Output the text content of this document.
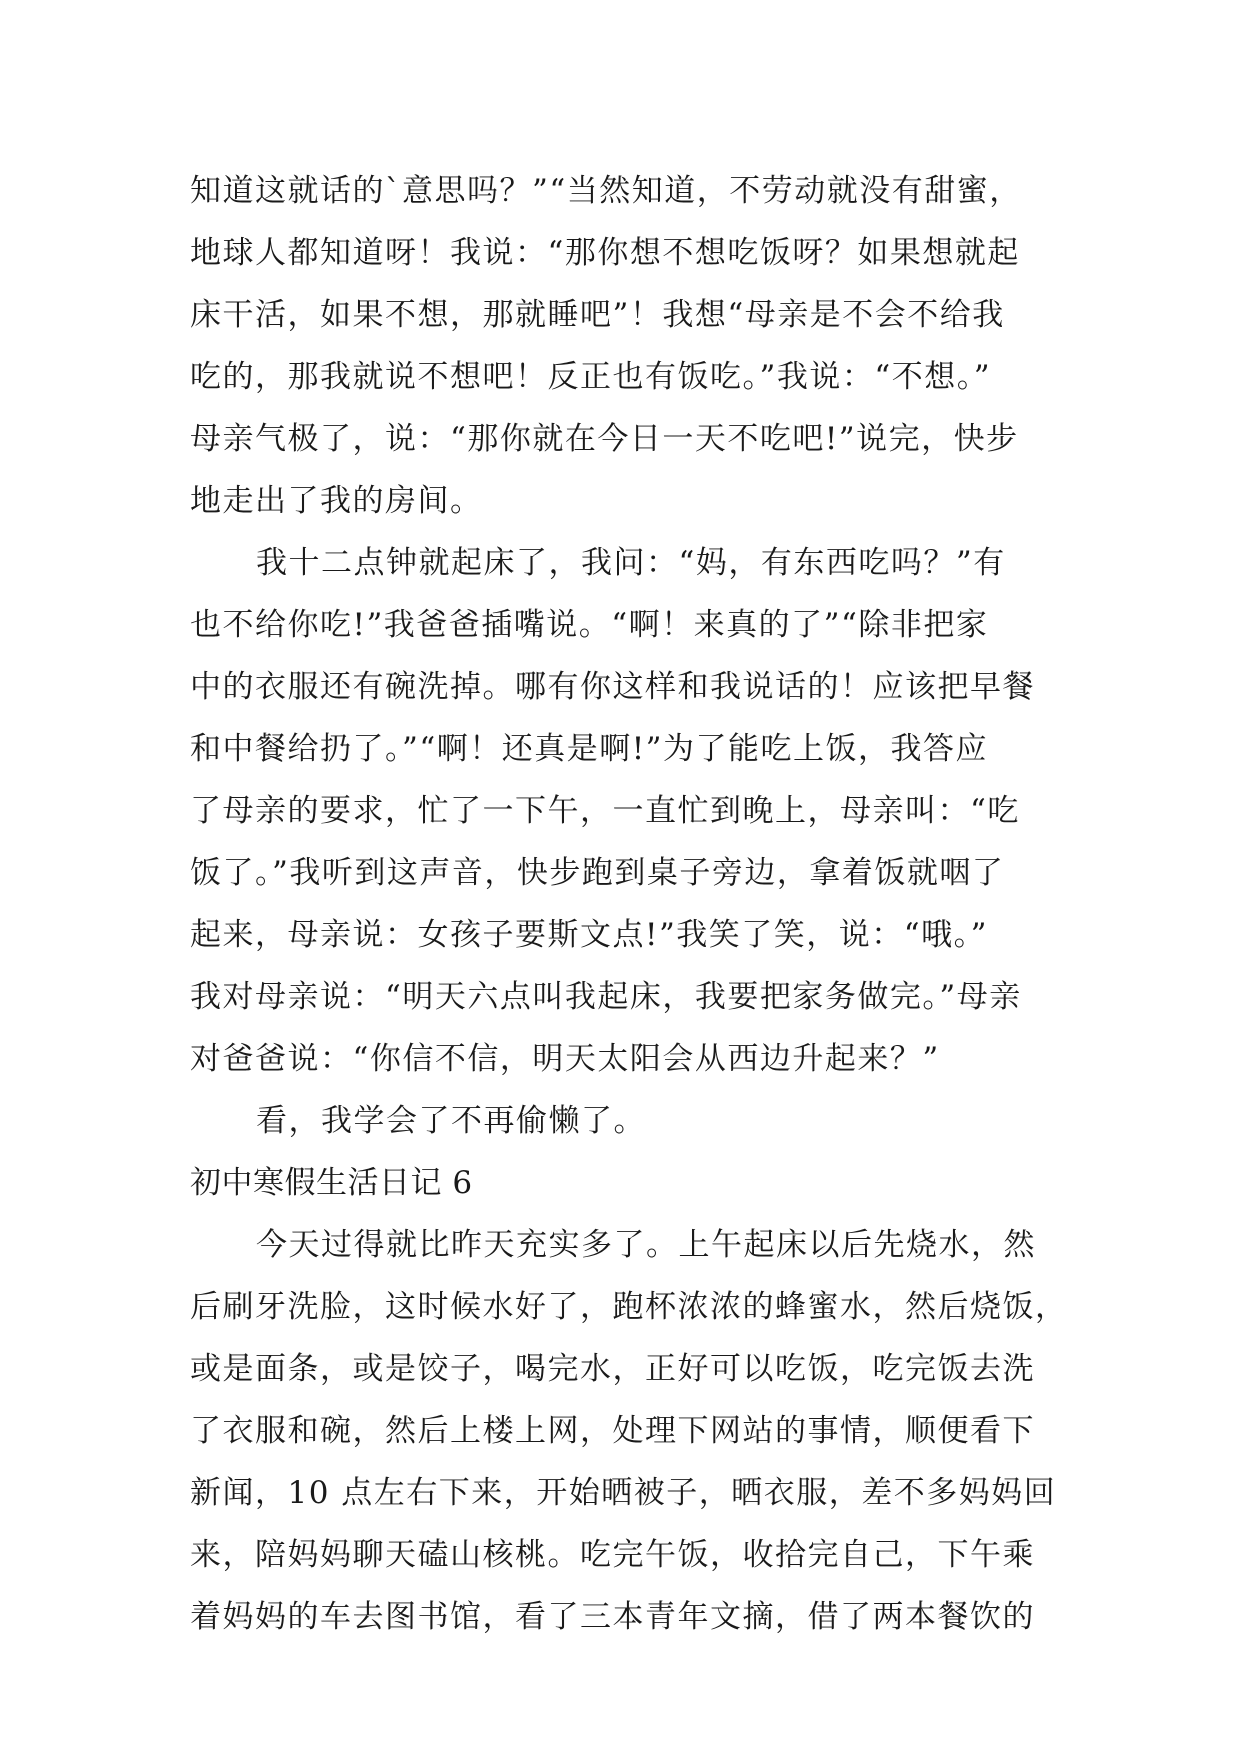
知道这就话的`意思吗？”“当然知道，不劳动就没有甜蜜，
地球人都知道呀！我说：“那你想不想吃饭呀？如果想就起
床干活，如果不想，那就睡吧”！我想“母亲是不会不给我
吃的，那我就说不想吧！反正也有饭吃。”我说：“不想。”
母亲气极了，说：“那你就在今日一天不吃吧!”说完，快步
地走出了我的房间。
我十二点钟就起床了，我问：“妈，有东西吃吗？”有
也不给你吃!”我爸爸插嘴说。“啊！来真的了”“除非把家
中的衣服还有碗洗掉。哪有你这样和我说话的！应该把早餐
和中餐给扔了。”“啊！还真是啊!”为了能吃上饭，我答应
了母亲的要求，忙了一下午，一直忙到晚上，母亲叫：“吃
饭了。”我听到这声音，快步跑到桌子旁边，拿着饭就咽了
起来，母亲说：女孩子要斯文点!”我笑了笑，说：“哦。”
我对母亲说：“明天六点叫我起床，我要把家务做完。”母亲
对爸爸说：“你信不信，明天太阳会从西边升起来？”
看，我学会了不再偷懒了。
初中寒假生活日记 6
今天过得就比昨天充实多了。上午起床以后先烧水，然
后刷牙洗脸，这时候水好了，跑杯浓浓的蜂蜜水，然后烧饭，
或是面条，或是饺子，喝完水，正好可以吃饭，吃完饭去洗
了衣服和碗，然后上楼上网，处理下网站的事情，顺便看下
新闻，10 点左右下来，开始晒被子，晒衣服，差不多妈妈回
来，陪妈妈聊天磕山核桃。吃完午饭，收拾完自己，下午乘
着妈妈的车去图书馆，看了三本青年文摘，借了两本餐饮的
